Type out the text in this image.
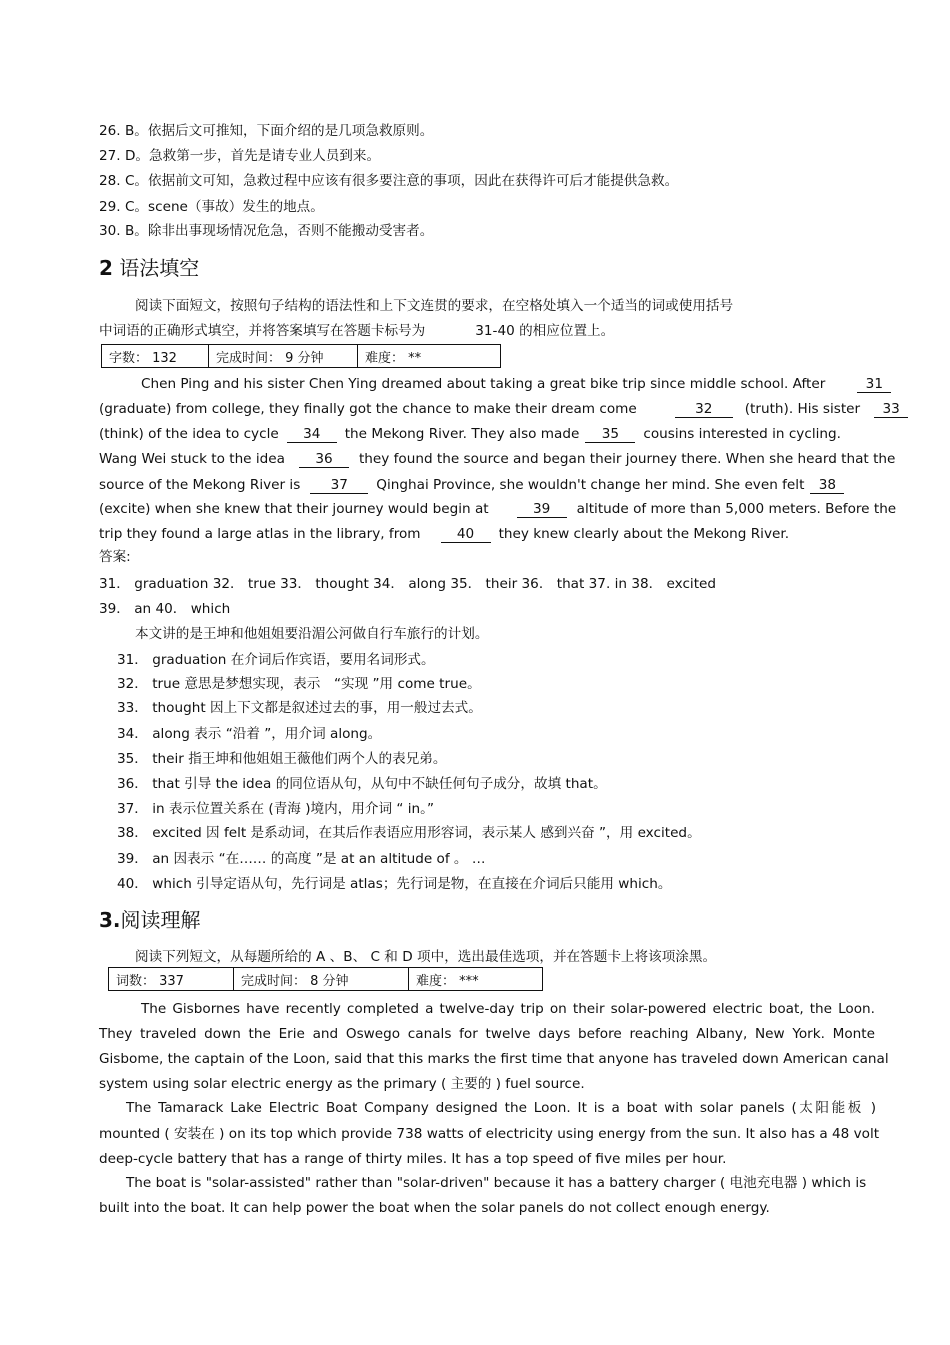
26. B。依据后文可推知，下面介绍的是几项急救原则。
27. D。急救第一步，首先是请专业人员到来。
28. C。依据前文可知，急救过程中应该有很多要注意的事项，因此在获得许可后才能提供急救。
29. C。scene（事故）发生的地点。
30. B。除非出事现场情况危急，否则不能搬动受害者。
2 语法填空
阅读下面短文，按照句子结构的语法性和上下文连贯的要求，在空格处填入一个适当的词或使用括号
中词语的正确形式填空，并将答案填写在答题卡标号为	31-40 的相应位置上。
字数： 132	完成时间： 9 分钟	难度： **
Chen Ping and his sister Chen Ying dreamed about taking a great bike trip since middle school. After	31
(graduate) from college, they finally got the chance to make their dream come	32 (truth). His sister 33
(think) of the idea to cycle 34 the Mekong River. They also made 35 cousins interested in cycling.
Wang Wei stuck to the idea 36 they found the source and began their journey there. When she heard that the
source of the Mekong River is 37 Qinghai Province, she wouldn't change her mind. She even felt 38
(excite) when she knew that their journey would begin at	39 altitude of more than 5,000 meters. Before the
trip they found a large atlas in the library, from	40 they knew clearly about the Mekong River.
答案:
31． graduation 32． true 33． thought 34． along 35． their 36． that 37. in 38． excited
39． an 40． which
本文讲的是王坤和他姐姐要沿湄公河做自行车旅行的计划。
31． graduation 在介词后作宾语，要用名词形式。
32． true 意思是梦想实现，表示　“实现 ”用 come true。
33． thought 因上下文都是叙述过去的事，用一般过去式。
34． along 表示 “沿着 ”，用介词 along。
35． their 指王坤和他姐姐王薇他们两个人的表兄弟。
36． that 引导 the idea 的同位语从句，从句中不缺任何句子成分，故填 that。
37． in 表示位置关系在 (青海 )境内，用介词 “ in。”
38． excited 因 felt 是系动词，在其后作表语应用形容词，表示某人 感到兴奋 ”，用 excited。
39． an 因表示 “在…… 的高度 ”是 at an altitude of 。 …
40． which 引导定语从句，先行词是 atlas；先行词是物，在直接在介词后只能用 which。
3.阅读理解
阅读下列短文，从每题所给的 A 、B、 C 和 D 项中，选出最佳选项，并在答题卡上将该项涂黑。
词数： 337	完成时间： 8 分钟	难度： ***
The Gisbornes have recently completed a twelve-day trip on their solar-powered electric boat, the Loon.
They traveled down the Erie and Oswego canals for twelve days before reaching Albany, New York. Monte
Gisbome, the captain of the Loon, said that this marks the first time that anyone has traveled down American canal
system using solar electric energy as the primary ( 主要的 ) fuel source.
The Tamarack Lake Electric Boat Company designed the Loon. It is a boat with solar panels (太阳能板 )
mounted ( 安装在 ) on its top which provide 738 watts of electricity using energy from the sun. It also has a 48 volt
deep-cycle battery that has a range of thirty miles. It has a top speed of five miles per hour.
The boat is "solar-assisted" rather than "solar-driven" because it has a battery charger ( 电池充电器 ) which is
built into the boat. It can help power the boat when the solar panels do not collect enough energy.
